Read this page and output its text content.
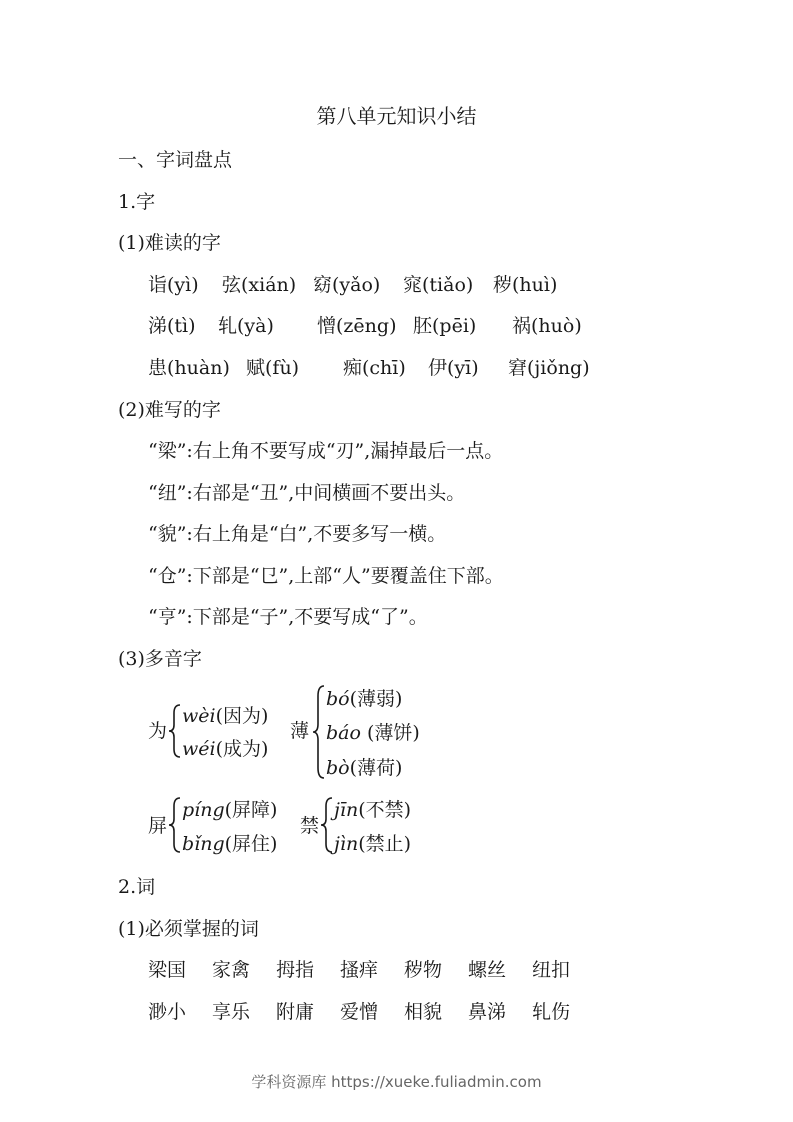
第八单元知识小结
一、字词盘点
1.字
(1)难读的字
诣(yì) 弦(xián) 窈(yǎo) 窕(tiǎo) 秽(huì)
涕(tì) 轧(yà) 憎(zēng) 胚(pēi) 祸(huò)
患(huàn) 赋(fù) 痴(chī) 伊(yī) 窘(jiǒng)
(2)难写的字
“梁”:右上角不要写成“刃”,漏掉最后一点。
“纽”:右部是“丑”,中间横画不要出头。
“貌”:右上角是“白”,不要多写一横。
“仓”:下部是“㔾”,上部“人”要覆盖住下部。
“亨”:下部是“子”,不要写成“了”。
(3)多音字
为
wèi(因为)
wéi(成为)
薄
bó(薄弱)
báo (薄饼)
bò(薄荷)
屏
píng(屏障)
bǐng(屏住)
禁
jīn(不禁)
jìn(禁止)
2.词
(1)必须掌握的词
梁国 家禽 拇指 搔痒 秽物 螺丝 纽扣
渺小 享乐 附庸 爱憎 相貌 鼻涕 轧伤
学科资源库 https://xueke.fuliadmin.com
